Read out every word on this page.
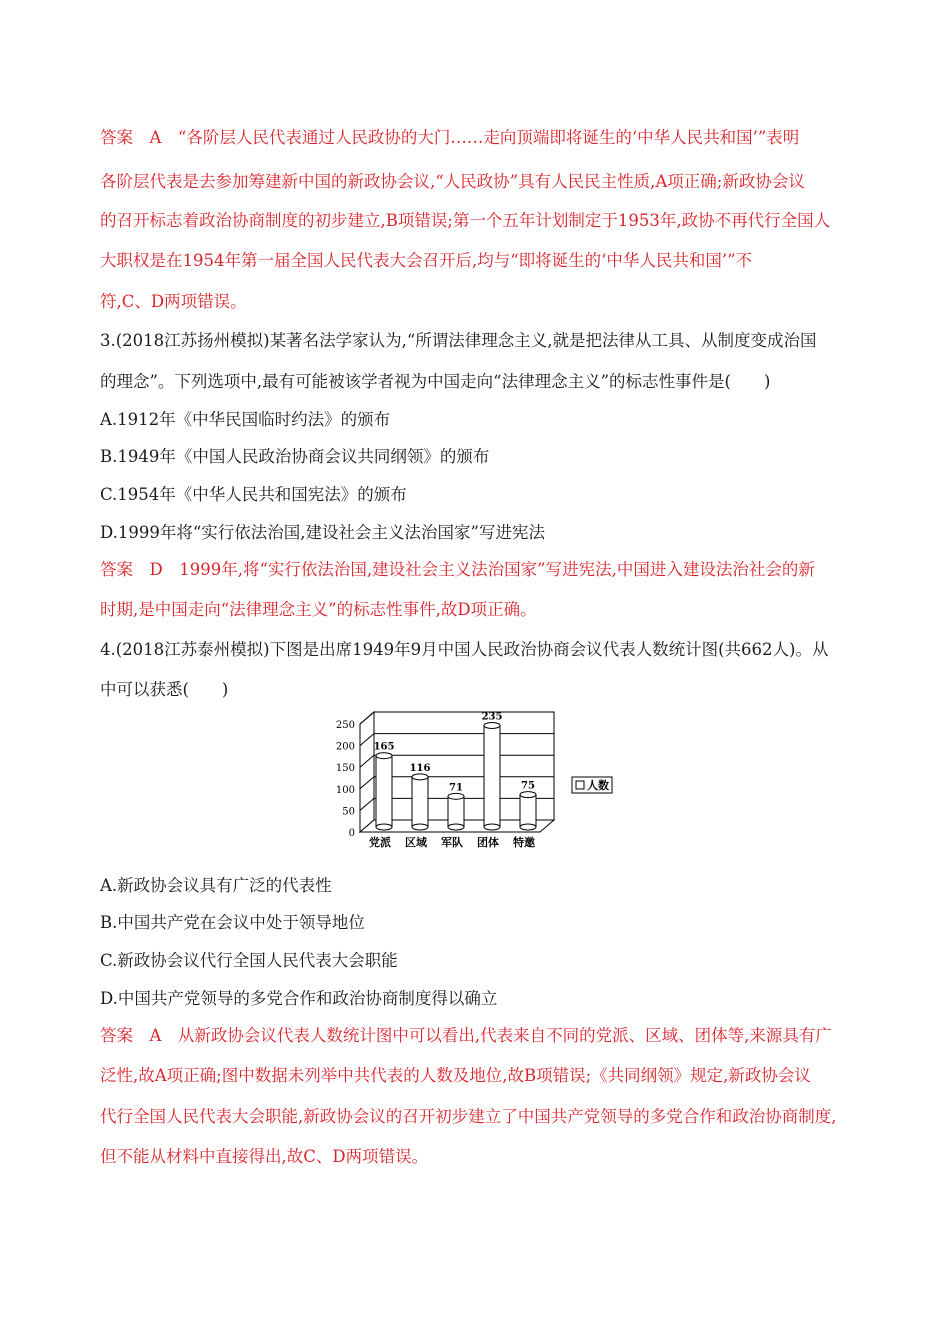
答案　A　“各阶层人民代表通过人民政协的大门……走向顶端即将诞生的‘中华人民共和国’”表明
各阶层代表是去参加筹建新中国的新政协会议,“人民政协”具有人民民主性质,A项正确;新政协会议
的召开标志着政治协商制度的初步建立,B项错误;第一个五年计划制定于1953年,政协不再代行全国人
大职权是在1954年第一届全国人民代表大会召开后,均与“即将诞生的‘中华人民共和国’”不
符,C、D两项错误。
3.(2018江苏扬州模拟)某著名法学家认为,“所谓法律理念主义,就是把法律从工具、从制度变成治国
的理念”。下列选项中,最有可能被该学者视为中国走向“法律理念主义”的标志性事件是(　　)
A.1912年《中华民国临时约法》的颁布
B.1949年《中国人民政治协商会议共同纲领》的颁布
C.1954年《中华人民共和国宪法》的颁布
D.1999年将“实行依法治国,建设社会主义法治国家”写进宪法
答案　D　1999年,将“实行依法治国,建设社会主义法治国家”写进宪法,中国进入建设法治社会的新
时期,是中国走向“法律理念主义”的标志性事件,故D项正确。
4.(2018江苏泰州模拟)下图是出席1949年9月中国人民政治协商会议代表人数统计图(共662人)。从
中可以获悉(　　)
0
50
100
150
200
250
165
党派
116
区域
71
军队
235
团体
75
特邀
人数
A.新政协会议具有广泛的代表性
B.中国共产党在会议中处于领导地位
C.新政协会议代行全国人民代表大会职能
D.中国共产党领导的多党合作和政治协商制度得以确立
答案　A　从新政协会议代表人数统计图中可以看出,代表来自不同的党派、区域、团体等,来源具有广
泛性,故A项正确;图中数据未列举中共代表的人数及地位,故B项错误;《共同纲领》规定,新政协会议
代行全国人民代表大会职能,新政协会议的召开初步建立了中国共产党领导的多党合作和政治协商制度,
但不能从材料中直接得出,故C、D两项错误。
